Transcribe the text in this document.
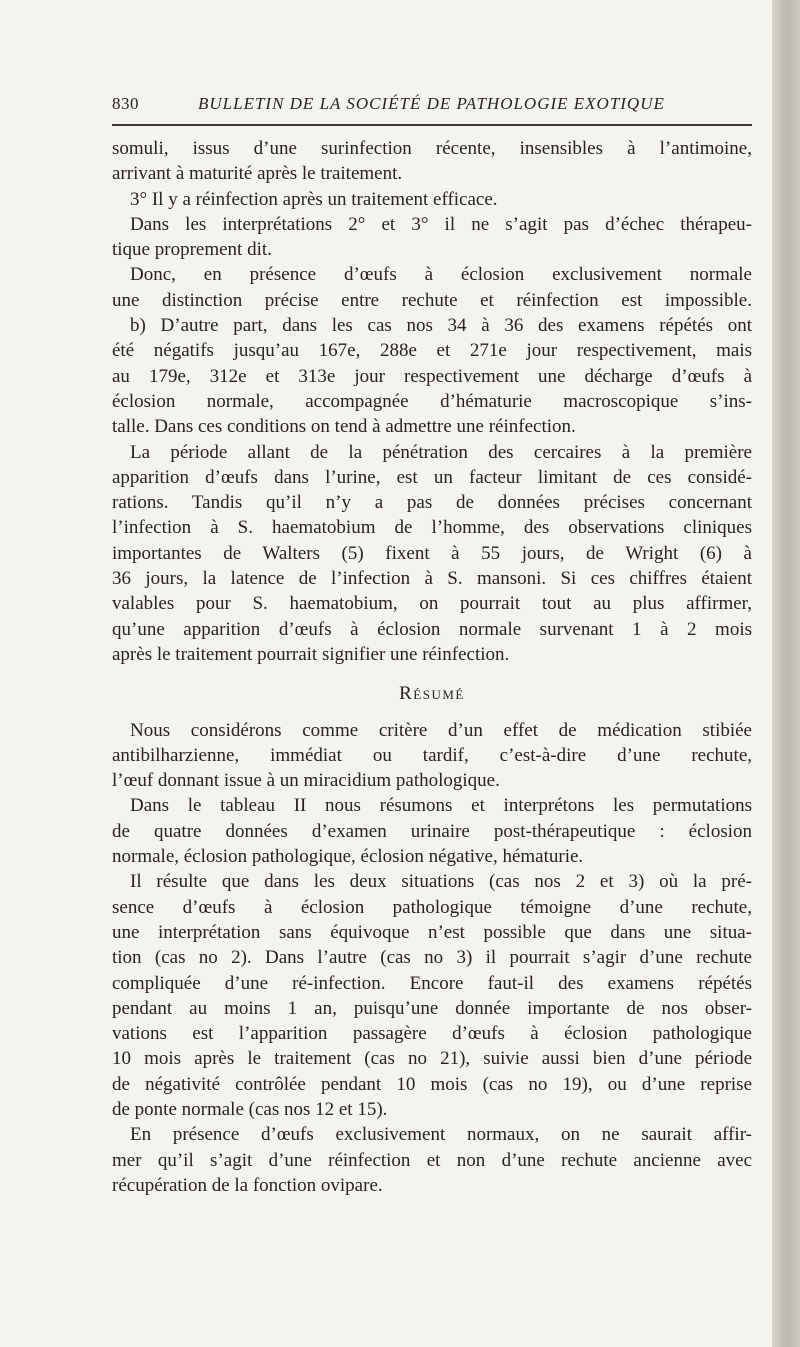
830	BULLETIN DE LA SOCIÉTÉ DE PATHOLOGIE EXOTIQUE
somuli, issus d’une surinfection récente, insensibles à l’antimoine,
arrivant à maturité après le traitement.
3° Il y a réinfection après un traitement efficace.
Dans les interprétations 2° et 3° il ne s’agit pas d’échec thérapeu-
tique proprement dit.
Donc, en présence d’œufs à éclosion exclusivement normale
une distinction précise entre rechute et réinfection est impossible.
b) D’autre part, dans les cas nos 34 à 36 des examens répétés ont
été négatifs jusqu’au 167e, 288e et 271e jour respectivement, mais
au 179e, 312e et 313e jour respectivement une décharge d’œufs à
éclosion normale, accompagnée d’hématurie macroscopique s’ins-
talle. Dans ces conditions on tend à admettre une réinfection.
La période allant de la pénétration des cercaires à la première
apparition d’œufs dans l’urine, est un facteur limitant de ces considé-
rations. Tandis qu’il n’y a pas de données précises concernant
l’infection à S. haematobium de l’homme, des observations cliniques
importantes de Walters (5) fixent à 55 jours, de Wright (6) à
36 jours, la latence de l’infection à S. mansoni. Si ces chiffres étaient
valables pour S. haematobium, on pourrait tout au plus affirmer,
qu’une apparition d’œufs à éclosion normale survenant 1 à 2 mois
après le traitement pourrait signifier une réinfection.
Résumé
Nous considérons comme critère d’un effet de médication stibiée
antibilharzienne, immédiat ou tardif, c’est-à-dire d’une rechute,
l’œuf donnant issue à un miracidium pathologique.
Dans le tableau II nous résumons et interprétons les permutations
de quatre données d’examen urinaire post-thérapeutique : éclosion
normale, éclosion pathologique, éclosion négative, hématurie.
Il résulte que dans les deux situations (cas nos 2 et 3) où la pré-
sence d’œufs à éclosion pathologique témoigne d’une rechute,
une interprétation sans équivoque n’est possible que dans une situa-
tion (cas no 2). Dans l’autre (cas no 3) il pourrait s’agir d’une rechute
compliquée d’une ré-infection. Encore faut-il des examens répétés
pendant au moins 1 an, puisqu’une donnée importante de nos obser-
vations est l’apparition passagère d’œufs à éclosion pathologique
10 mois après le traitement (cas no 21), suivie aussi bien d’une période
de négativité contrôlée pendant 10 mois (cas no 19), ou d’une reprise
de ponte normale (cas nos 12 et 15).
En présence d’œufs exclusivement normaux, on ne saurait affir-
mer qu’il s’agit d’une réinfection et non d’une rechute ancienne avec
récupération de la fonction ovipare.
